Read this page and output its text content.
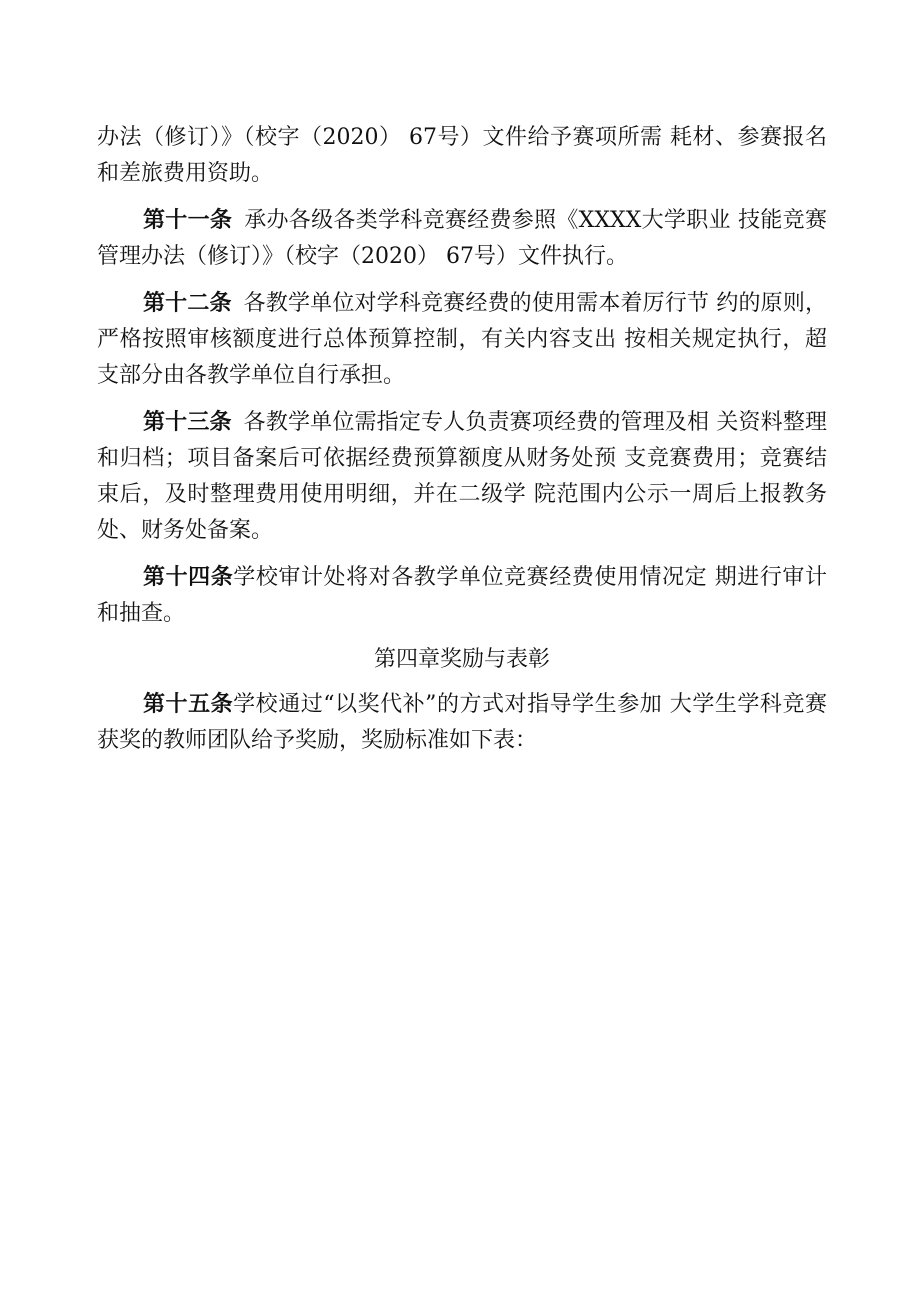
办法（修订）》（校字（2020） 67号）文件给予赛项所需 耗材、参赛报名和差旅费用资助。

第十一条 承办各级各类学科竞赛经费参照《XXXX大学职业 技能竞赛管理办法（修订）》（校字（2020） 67号）文件执行。

第十二条 各教学单位对学科竞赛经费的使用需本着厉行节 约的原则，严格按照审核额度进行总体预算控制，有关内容支出 按相关规定执行，超支部分由各教学单位自行承担。

第十三条 各教学单位需指定专人负责赛项经费的管理及相 关资料整理和归档；项目备案后可依据经费预算额度从财务处预 支竞赛费用；竞赛结束后，及时整理费用使用明细，并在二级学 院范围内公示一周后上报教务处、财务处备案。

第十四条学校审计处将对各教学单位竞赛经费使用情况定 期进行审计和抽查。

第四章奖励与表彰

第十五条学校通过“以奖代补”的方式对指导学生参加 大学生学科竞赛获奖的教师团队给予奖励，奖励标准如下表：
